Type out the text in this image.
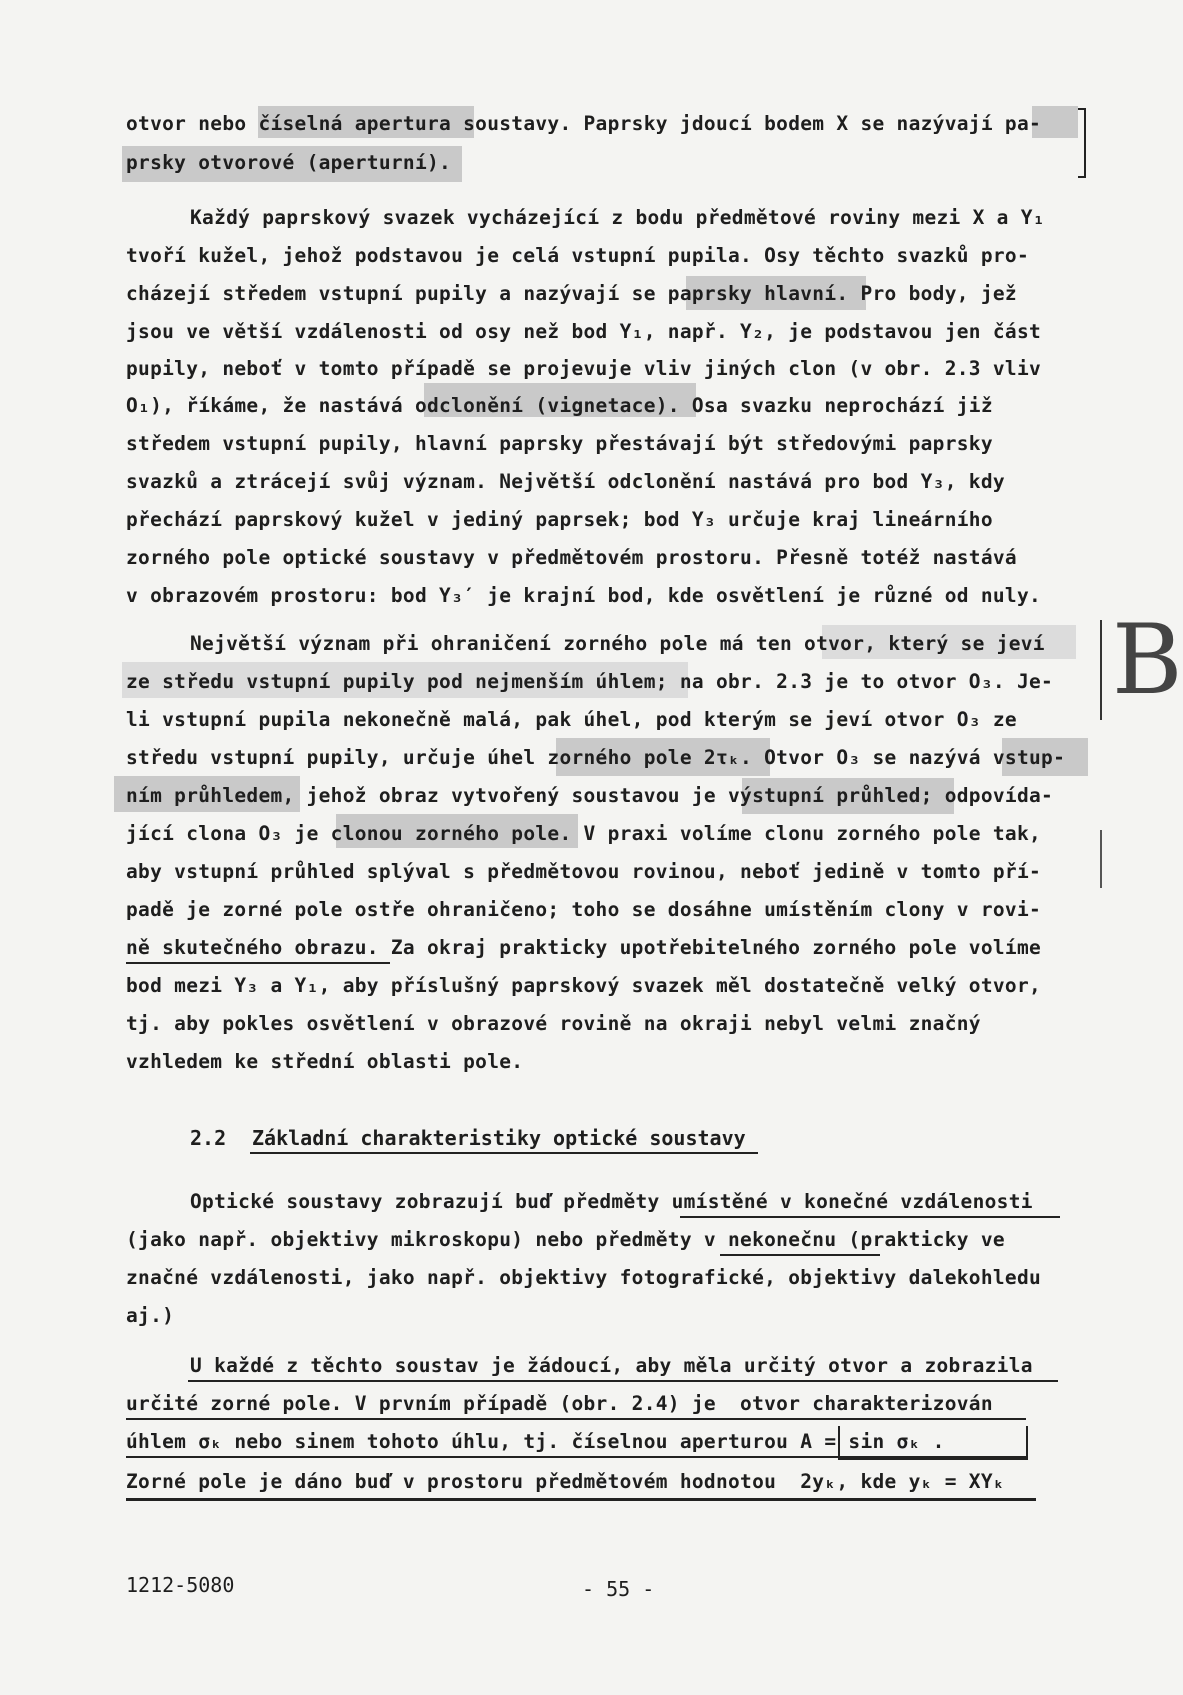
otvor nebo číselná apertura soustavy. Paprsky jdoucí bodem X se nazývají pa-
prsky otvorové (aperturní).
Každý paprskový svazek vycházející z bodu předmětové roviny mezi X a Y₁
tvoří kužel, jehož podstavou je celá vstupní pupila. Osy těchto svazků pro-
cházejí středem vstupní pupily a nazývají se paprsky hlavní. Pro body, jež
jsou ve větší vzdálenosti od osy než bod Y₁, např. Y₂, je podstavou jen část
pupily, neboť v tomto případě se projevuje vliv jiných clon (v obr. 2.3 vliv
O₁), říkáme, že nastává odclonění (vignetace). Osa svazku neprochází již
středem vstupní pupily, hlavní paprsky přestávají být středovými paprsky
svazků a ztrácejí svůj význam. Největší odclonění nastává pro bod Y₃, kdy
přechází paprskový kužel v jediný paprsek; bod Y₃ určuje kraj lineárního
zorného pole optické soustavy v předmětovém prostoru. Přesně totéž nastává
v obrazovém prostoru: bod Y₃′ je krajní bod, kde osvětlení je různé od nuly.
Největší význam při ohraničení zorného pole má ten otvor, který se jeví
ze středu vstupní pupily pod nejmenším úhlem; na obr. 2.3 je to otvor O₃. Je-
li vstupní pupila nekonečně malá, pak úhel, pod kterým se jeví otvor O₃ ze
středu vstupní pupily, určuje úhel zorného pole 2τₖ. Otvor O₃ se nazývá vstup-
ním průhledem, jehož obraz vytvořený soustavou je výstupní průhled; odpovída-
jící clona O₃ je clonou zorného pole. V praxi volíme clonu zorného pole tak,
aby vstupní průhled splýval s předmětovou rovinou, neboť jedině v tomto pří-
padě je zorné pole ostře ohraničeno; toho se dosáhne umístěním clony v rovi-
ně skutečného obrazu. Za okraj prakticky upotřebitelného zorného pole volíme
bod mezi Y₃ a Y₁, aby příslušný paprskový svazek měl dostatečně velký otvor,
tj. aby pokles osvětlení v obrazové rovině na okraji nebyl velmi značný
vzhledem ke střední oblasti pole.
B
2.2 Základní charakteristiky optické soustavy
Optické soustavy zobrazují buď předměty umístěné v konečné vzdálenosti
(jako např. objektivy mikroskopu) nebo předměty v nekonečnu (prakticky ve
značné vzdálenosti, jako např. objektivy fotografické, objektivy dalekohledu
aj.)
U každé z těchto soustav je žádoucí, aby měla určitý otvor a zobrazila
určité zorné pole. V prvním případě (obr. 2.4) je  otvor charakterizován
úhlem σₖ nebo sinem tohoto úhlu, tj. číselnou aperturou A = sin σₖ .
Zorné pole je dáno buď v prostoru předmětovém hodnotou  2yₖ, kde yₖ = XYₖ
1212-5080	- 55 -
